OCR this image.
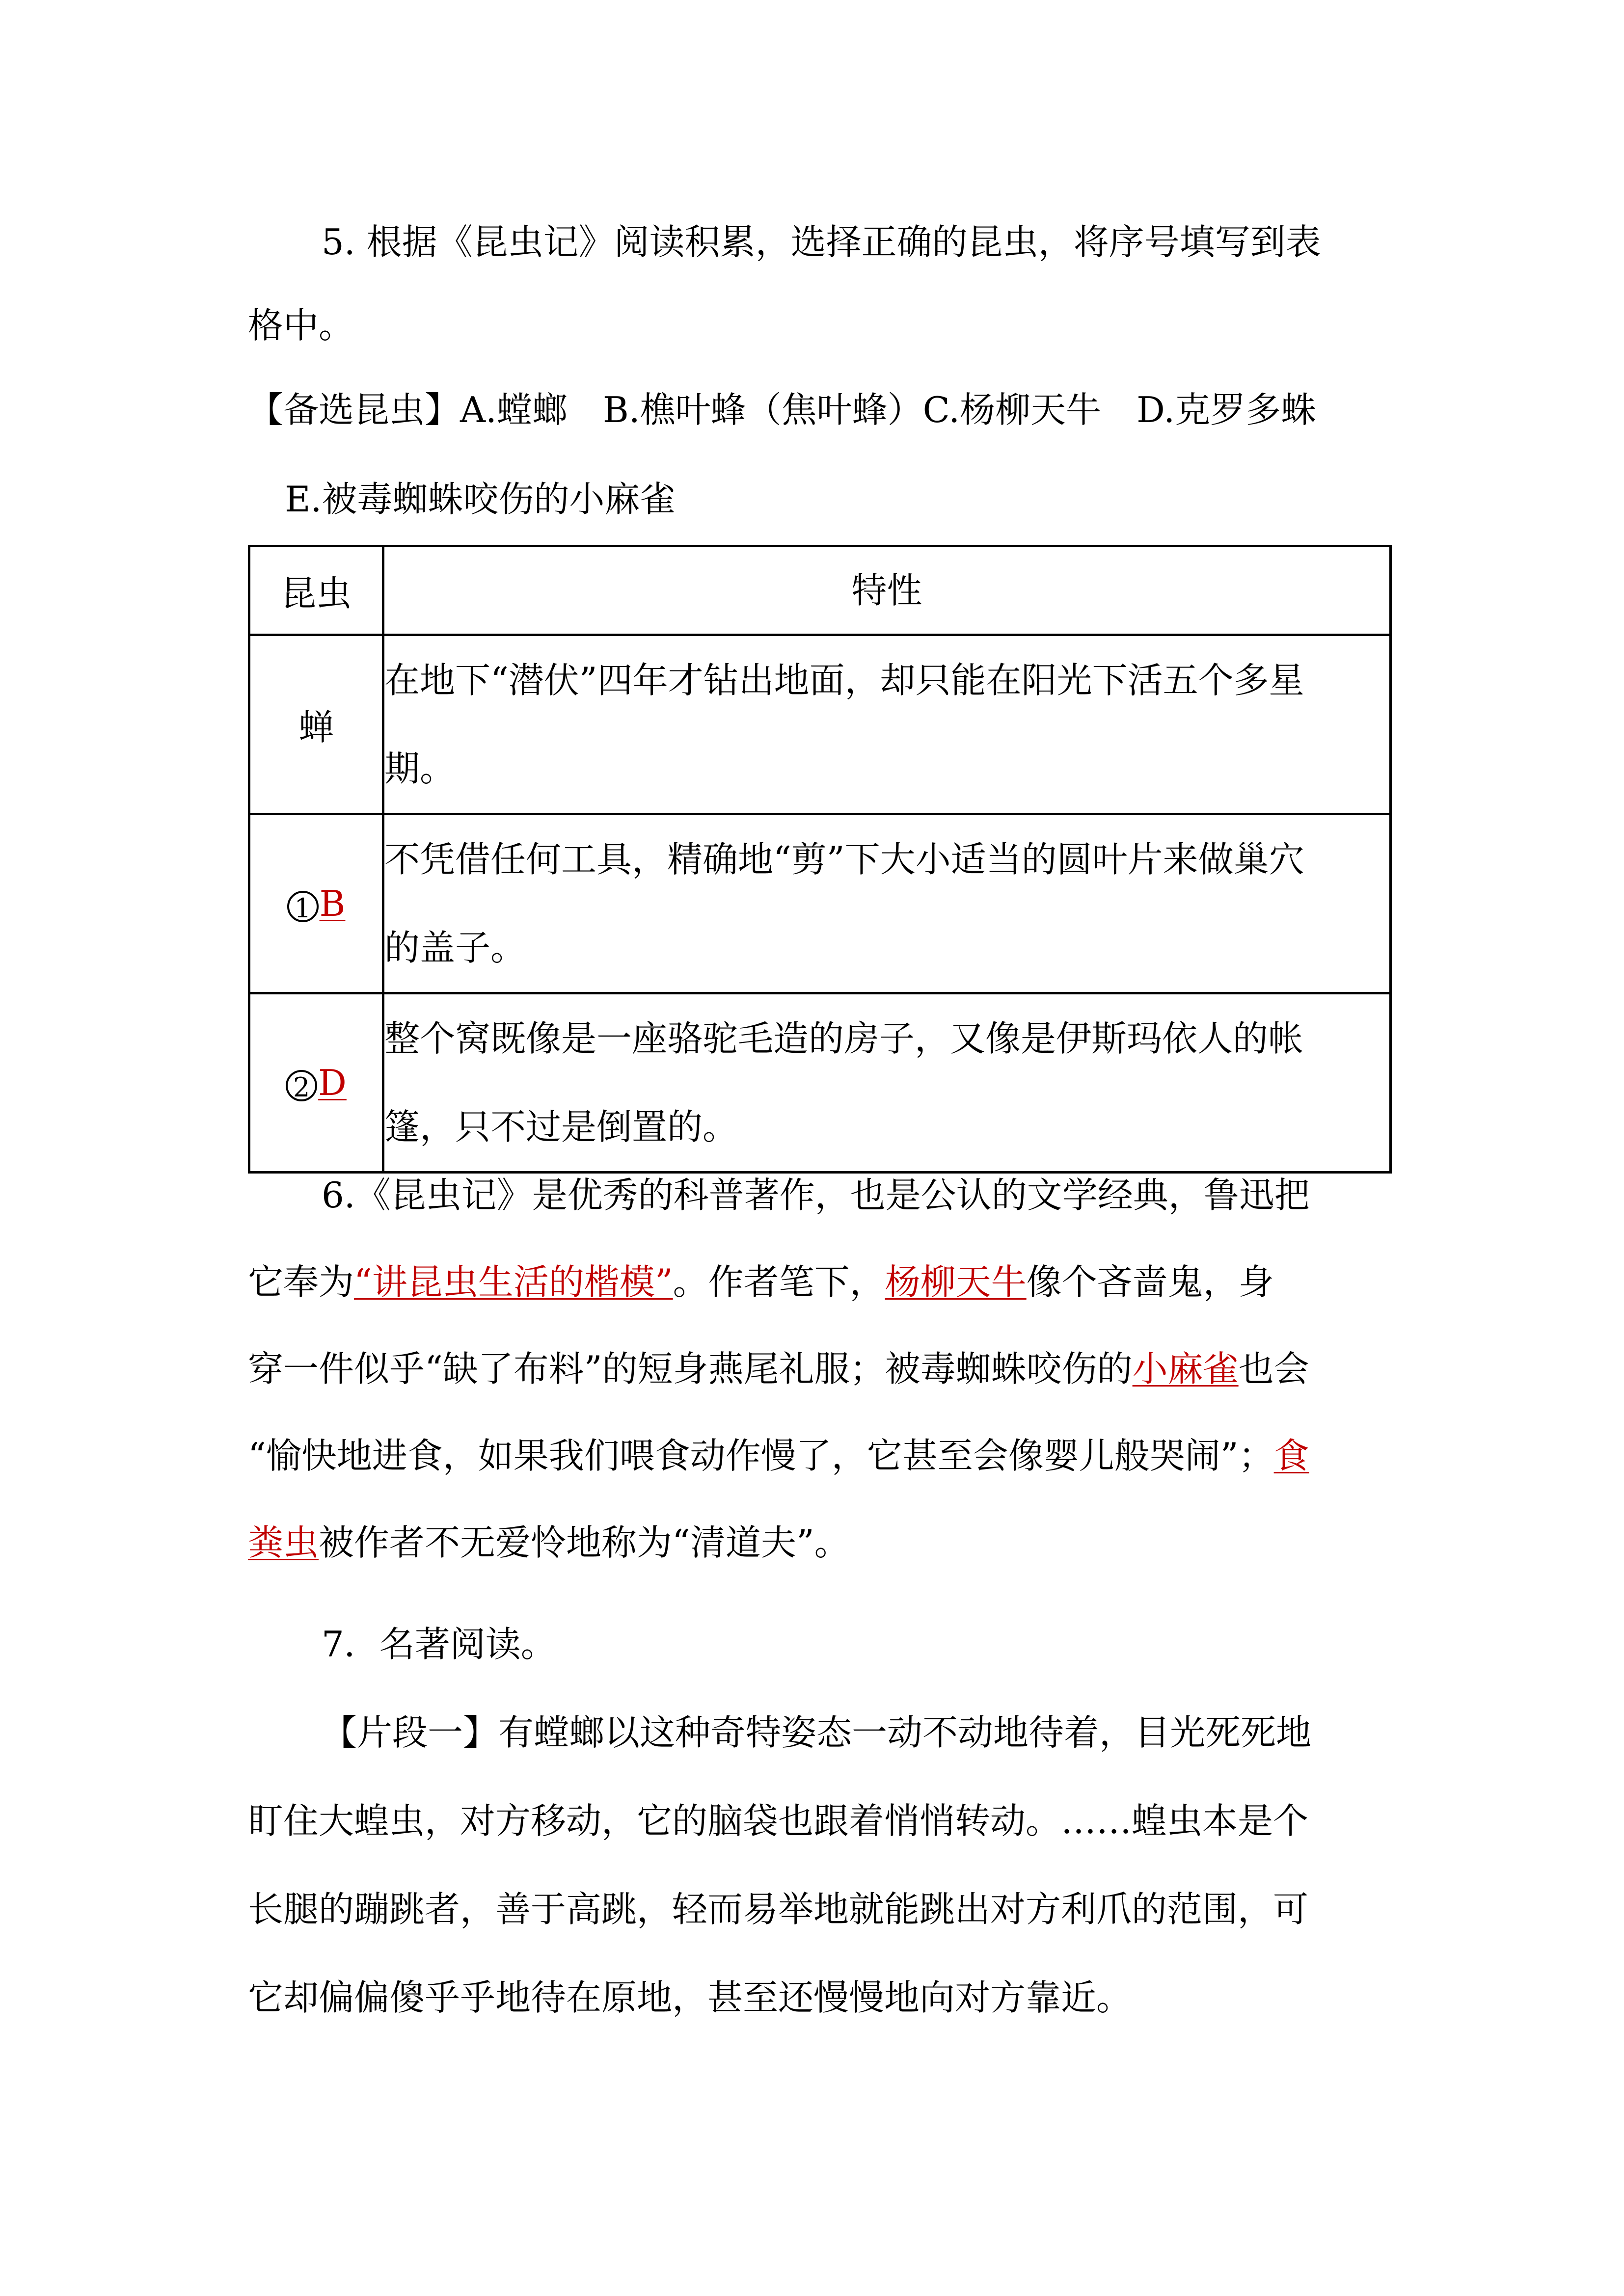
5. 根据《昆虫记》阅读积累，选择正确的昆虫，将序号填写到表

格中。

【备选昆虫】A.螳螂　B.樵叶蜂（焦叶蜂）C.杨柳天牛　D.克罗多蛛

E.被毒蜘蛛咬伤的小麻雀

昆虫	特性
蝉	在地下“潜伏”四年才钻出地面，却只能在阳光下活五个多星
期。

1 B	不凭借任何工具，精确地“剪”下大小适当的圆叶片来做巢穴
的盖子。

2 D	整个窝既像是一座骆驼毛造的房子，又像是伊斯玛依人的帐
篷，只不过是倒置的。

6.《昆虫记》是优秀的科普著作，也是公认的文学经典，鲁迅把

它奉为“讲昆虫生活的楷模”。作者笔下，杨柳天牛像个吝啬鬼，身

穿一件似乎“缺了布料”的短身燕尾礼服；被毒蜘蛛咬伤的小麻雀也会

“愉快地进食，如果我们喂食动作慢了，它甚至会像婴儿般哭闹”；食

粪虫被作者不无爱怜地称为“清道夫”。

7．名著阅读。

【片段一】有螳螂以这种奇特姿态一动不动地待着，目光死死地

盯住大蝗虫，对方移动，它的脑袋也跟着悄悄转动。……蝗虫本是个

长腿的蹦跳者，善于高跳，轻而易举地就能跳出对方利爪的范围，可

它却偏偏傻乎乎地待在原地，甚至还慢慢地向对方靠近。
